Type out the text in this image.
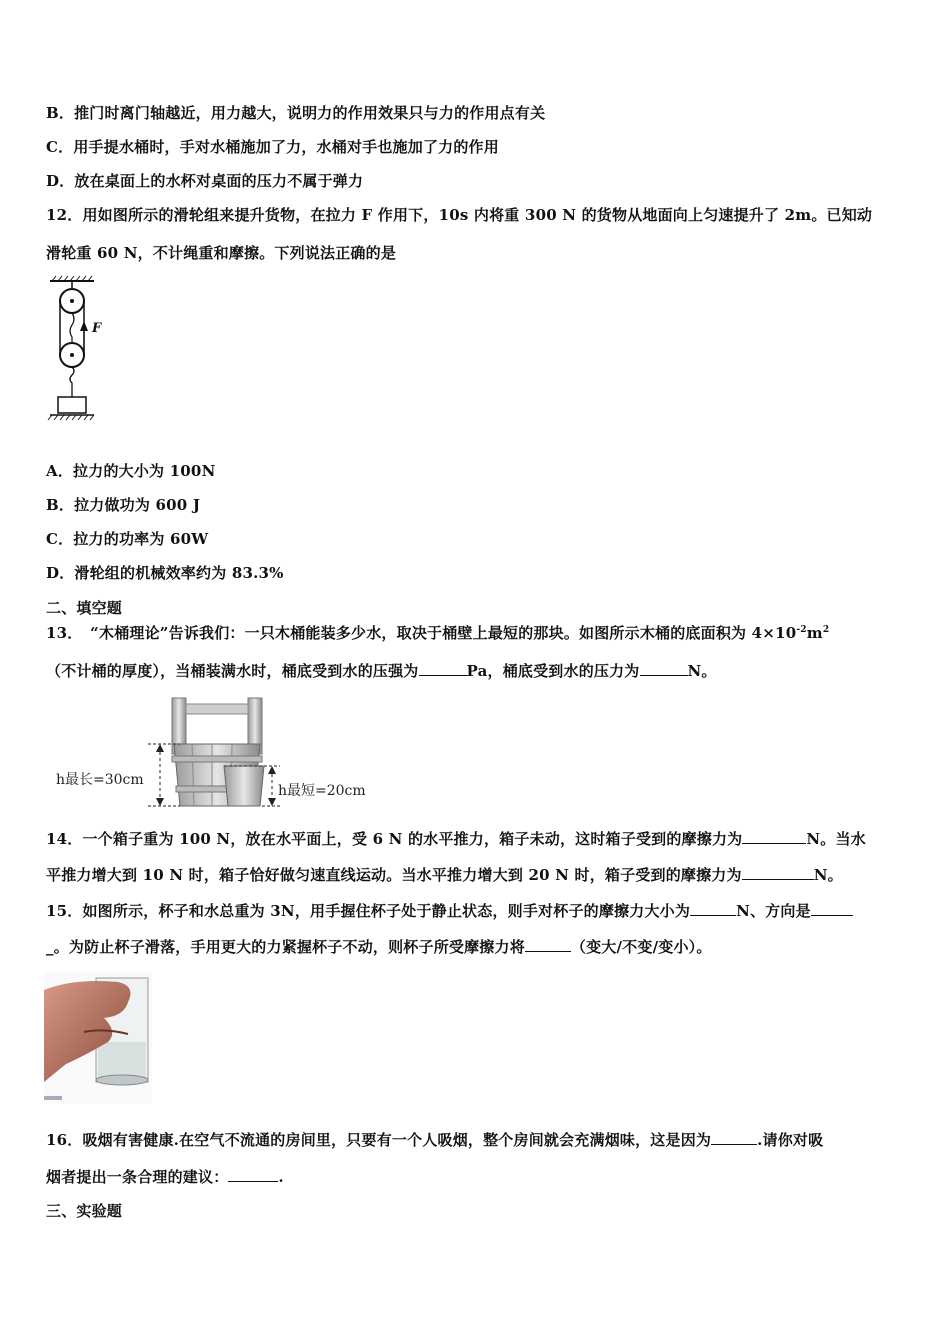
B．推门时离门轴越近，用力越大，说明力的作用效果只与力的作用点有关
C．用手提水桶时，手对水桶施加了力，水桶对手也施加了力的作用
D．放在桌面上的水杯对桌面的压力不属于弹力
12．用如图所示的滑轮组来提升货物，在拉力 F 作用下，10s 内将重 300 N 的货物从地面向上匀速提升了 2m。已知动
滑轮重 60 N，不计绳重和摩擦。下列说法正确的是
F
A．拉力的大小为 100N
B．拉力做功为 600 J
C．拉力的功率为 60W
D．滑轮组的机械效率约为 83.3%
二、填空题
13．　“木桶理论”告诉我们：一只木桶能装多少水，取决于桶壁上最短的那块。如图所示木桶的底面积为 $4\times 10^{-2}m^2$
（不计桶的厚度），当桶装满水时，桶底受到水的压强为	Pa，桶底受到水的压力为	N。
h最长=30cm
h最短=20cm
14．一个箱子重为 100 N，放在水平面上，受 6 N 的水平推力，箱子未动，这时箱子受到的摩擦力为	N。当水
平推力增大到 10 N 时，箱子恰好做匀速直线运动。当水平推力增大到 20 N 时，箱子受到的摩擦力为	N。
15．如图所示，杯子和水总重为 3N，用手握住杯子处于静止状态，则手对杯子的摩擦力大小为	N、方向是
_。为防止杯子滑落，手用更大的力紧握杯子不动，则杯子所受摩擦力将	（变大/不变/变小）。
16．吸烟有害健康.在空气不流通的房间里，只要有一个人吸烟，整个房间就会充满烟味，这是因为	.请你对吸
烟者提出一条合理的建议：	.
三、实验题
